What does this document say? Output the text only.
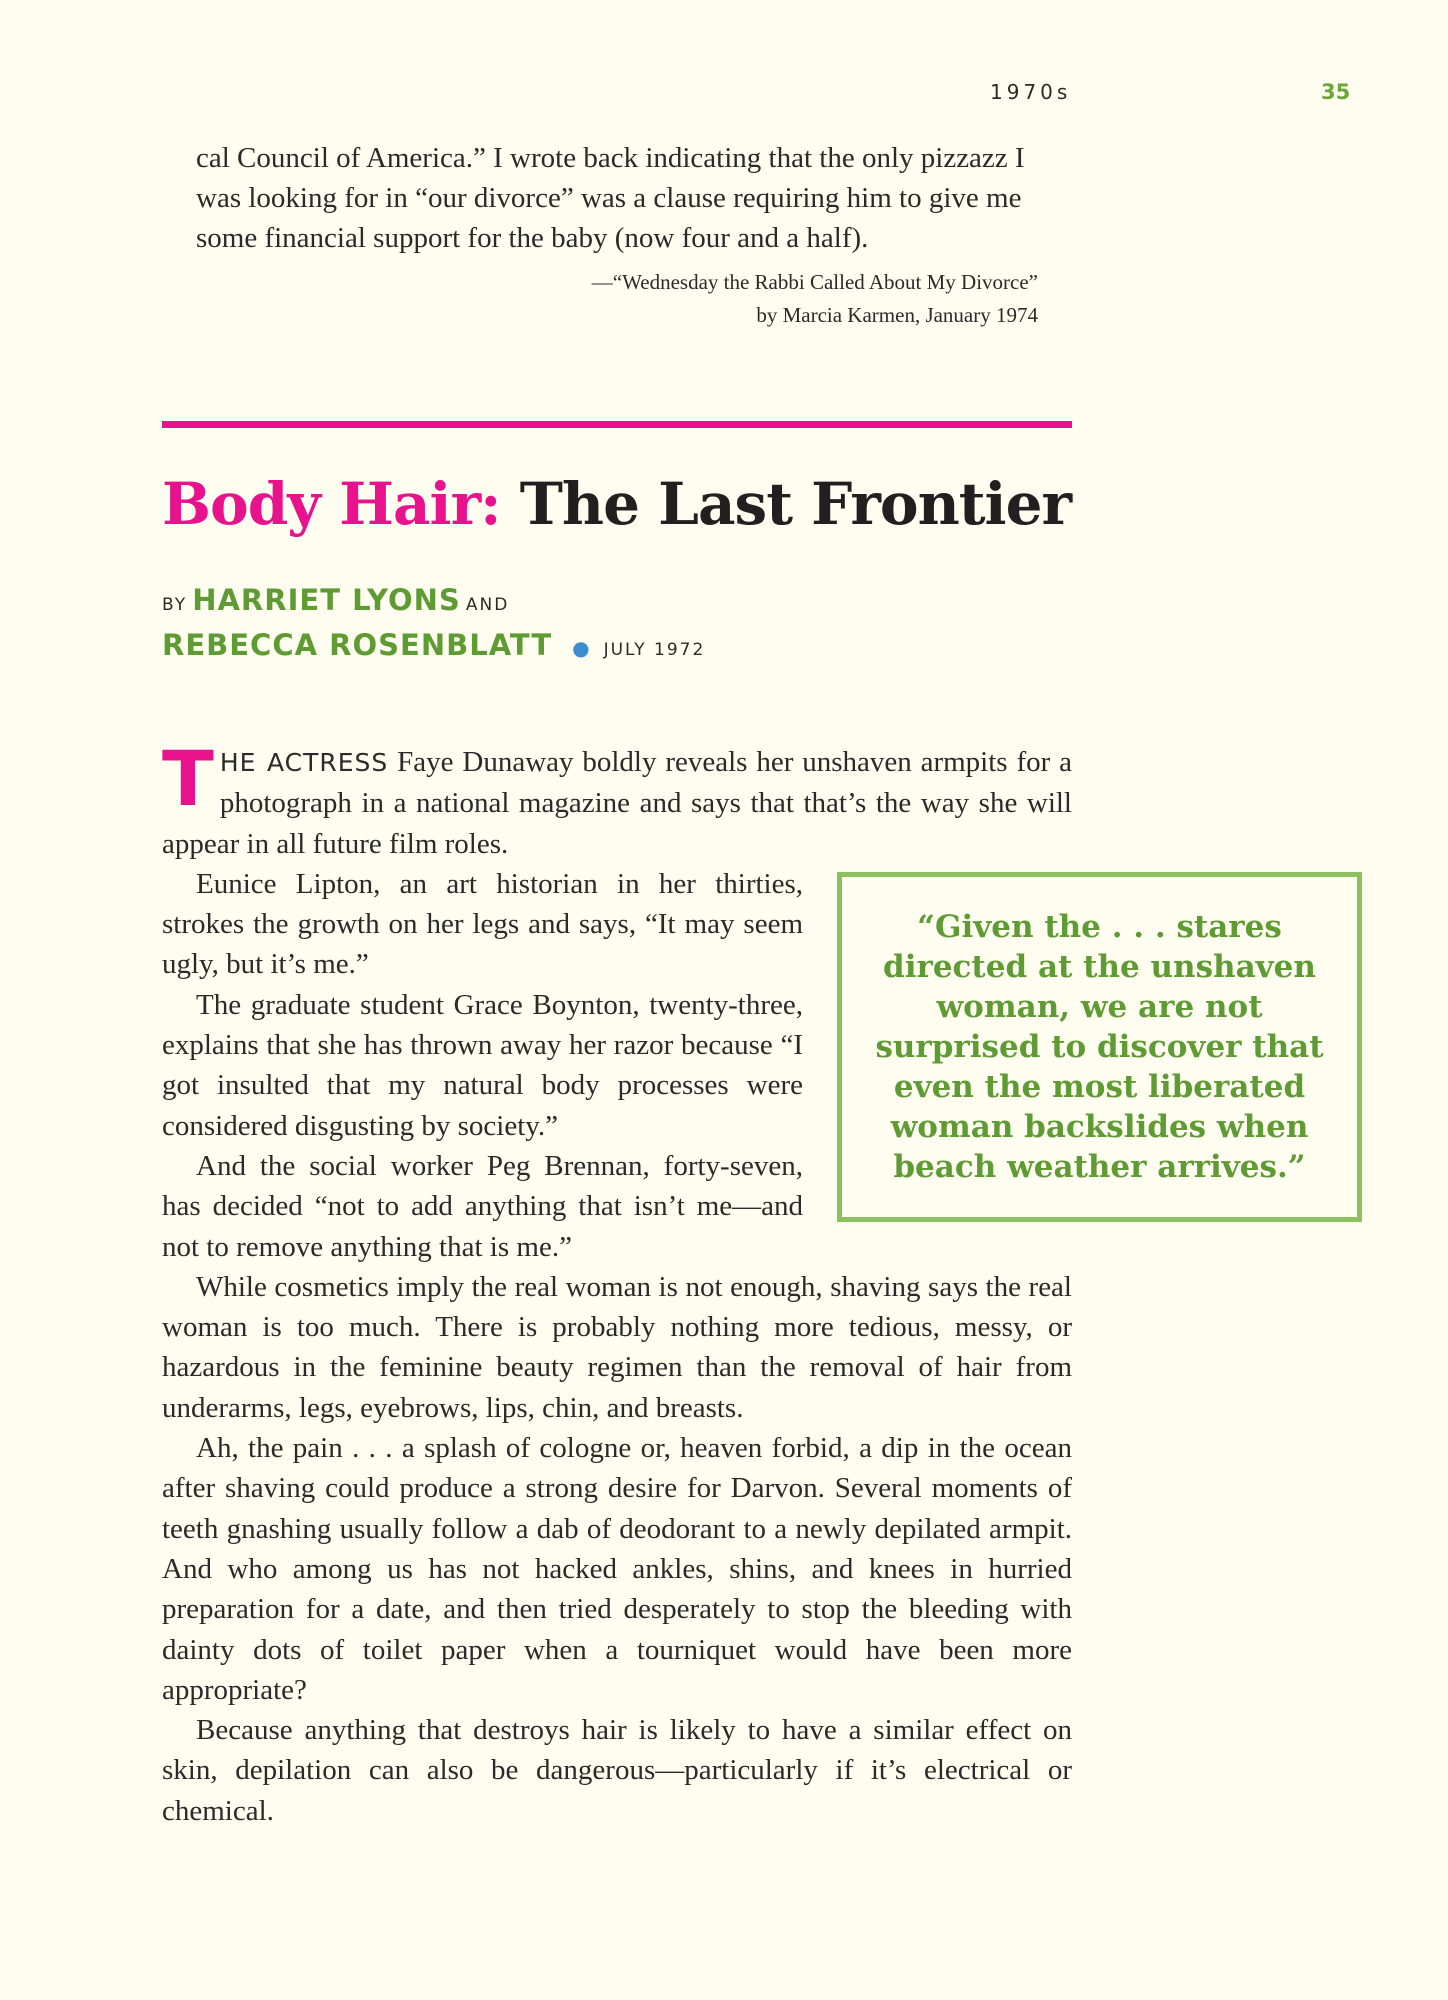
1970s	35

cal Council of America.” I wrote back indicating that the only pizzazz I was looking for in “our divorce” was a clause requiring him to give me some financial support for the baby (now four and a half).

—“Wednesday the Rabbi Called About My Divorce”
by Marcia Karmen, January 1974
Body Hair: The Last Frontier
BY HARRIET LYONS AND
REBECCA ROSENBLATT ● JULY 1972

THE ACTRESS Faye Dunaway boldly reveals her unshaven armpits for a photograph in a national magazine and says that that’s the way she will appear in all future film roles.

“Given the . . . stares directed at the unshaven woman, we are not surprised to discover that even the most liberated woman backslides when beach weather arrives.”

Eunice Lipton, an art historian in her thirties, strokes the growth on her legs and says, “It may seem ugly, but it’s me.”

The graduate student Grace Boynton, twenty-three, explains that she has thrown away her razor because “I got insulted that my natural body processes were considered disgusting by society.”

And the social worker Peg Brennan, forty-seven, has decided “not to add anything that isn’t me—and not to remove anything that is me.”

While cosmetics imply the real woman is not enough, shaving says the real woman is too much. There is probably nothing more tedious, messy, or hazardous in the feminine beauty regimen than the removal of hair from underarms, legs, eyebrows, lips, chin, and breasts.

Ah, the pain . . . a splash of cologne or, heaven forbid, a dip in the ocean after shaving could produce a strong desire for Darvon. Several moments of teeth gnashing usually follow a dab of deodorant to a newly depilated armpit. And who among us has not hacked ankles, shins, and knees in hurried preparation for a date, and then tried desperately to stop the bleeding with dainty dots of toilet paper when a tourniquet would have been more appropriate?

Because anything that destroys hair is likely to have a similar effect on skin, depilation can also be dangerous—particularly if it’s electrical or chemical.
